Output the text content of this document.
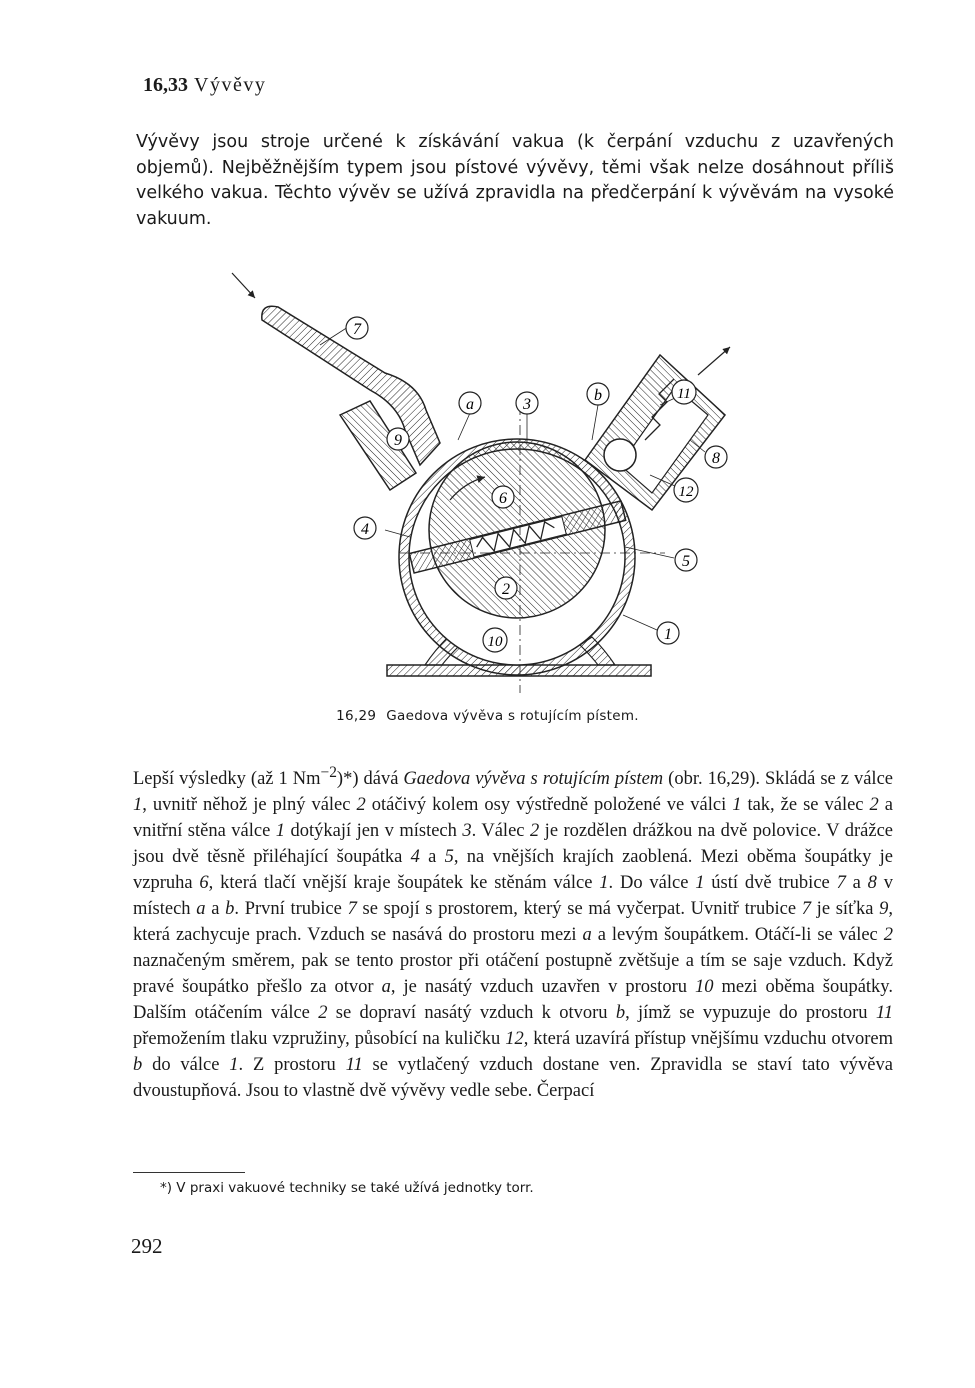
16,33 Vývěvy

Vývěvy jsou stroje určené k získávání vakua (k čerpání vzduchu z uzavřených objemů). Nejběžnějším typem jsou pístové vývěvy, těmi však nelze dosáhnout příliš velkého vakua. Těchto vývěv se užívá zpravidla na předčerpání k vývěvám na vysoké vakuum.

7
a	3
b	11
9
8
6	12
4
5
2
10	1
16,29 Gaedova vývěva s rotujícím pístem.

Lepší výsledky (až 1 $Nm^{-2})*$) dává Gaedova vývěva s rotujícím pístem (obr. 16,29). Skládá se z válce 1, uvnitř něhož je plný válec 2 otáčivý kolem osy výstředně položené ve válci 1 tak, že se válec 2 a vnitřní stěna válce 1 dotýkají jen v místech 3. Válec 2 je rozdělen drážkou na dvě polovice. V drážce jsou dvě těsně přiléhající šoupátka 4 a 5, na vnějších krajích zaoblená. Mezi oběma šoupátky je vzpruha 6, která tlačí vnější kraje šoupátek ke stěnám válce 1. Do válce 1 ústí dvě trubice 7 a 8 v místech a a b. První trubice 7 se spojí s prostorem, který se má vyčerpat. Uvnitř trubice 7 je síťka 9, která zachycuje prach. Vzduch se nasává do prostoru mezi a a levým šoupátkem. Otáčí-li se válec 2 naznačeným směrem, pak se tento prostor při otáčení postupně zvětšuje a tím se saje vzduch. Když pravé šoupátko přešlo za otvor a, je nasátý vzduch uzavřen v prostoru 10 mezi oběma šoupátky. Dalším otáčením válce 2 se dopraví nasátý vzduch k otvoru b, jímž se vypuzuje do prostoru 11 přemožením tlaku vzpružiny, působící na kuličku 12, která uzavírá přístup vnějšímu vzduchu otvorem b do válce 1. Z prostoru 11 se vytlačený vzduch dostane ven. Zpravidla se staví tato vývěva dvoustupňová. Jsou to vlastně dvě vývěvy vedle sebe. Čerpací

*) V praxi vakuové techniky se také užívá jednotky torr.
292
